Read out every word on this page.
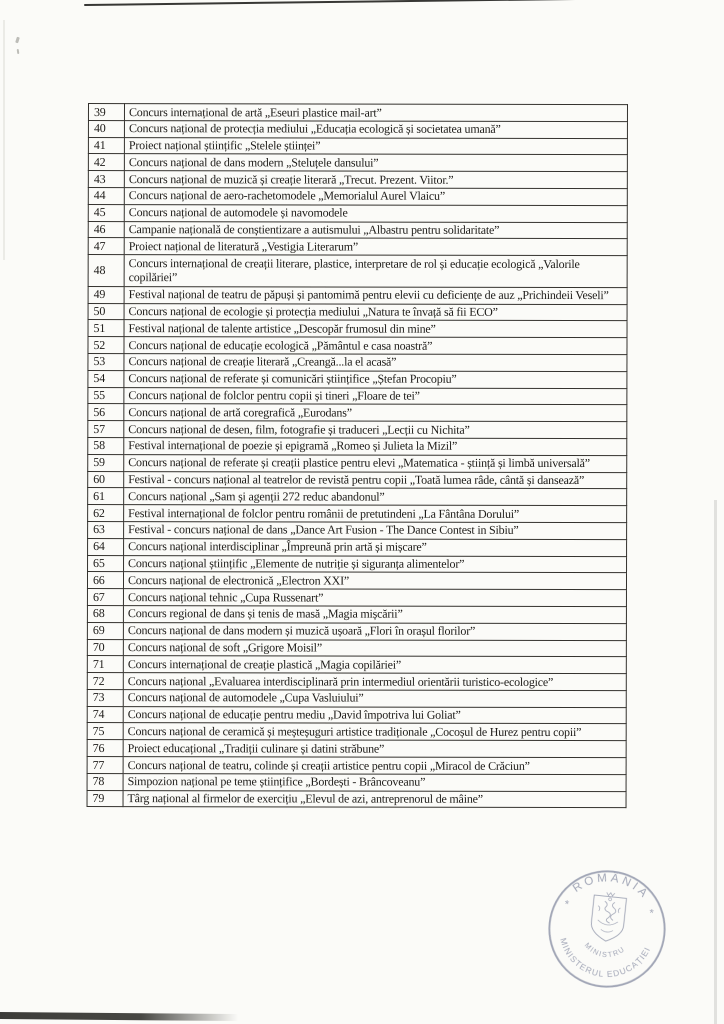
39	Concurs internațional de artă „Eseuri plastice mail-art”
40	Concurs național de protecția mediului „Educația ecologică și societatea umană”
41	Proiect național științific „Stelele științei”
42	Concurs național de dans modern „Steluțele dansului”
43	Concurs național de muzică și creație literară „Trecut. Prezent. Viitor.”
44	Concurs național de aero-rachetomodele „Memorialul Aurel Vlaicu”
45	Concurs național de automodele și navomodele
46	Campanie națională de conștientizare a autismului „Albastru pentru solidaritate”
47	Proiect național de literatură „Vestigia Literarum”
48	Concurs internațional de creații literare, plastice, interpretare de rol și educație ecologică „Valorile copilăriei”
49	Festival național de teatru de păpuși și pantomimă pentru elevii cu deficiențe de auz „Prichindeii Veseli”
50	Concurs național de ecologie și protecția mediului „Natura te învață să fii ECO”
51	Festival național de talente artistice „Descopăr frumosul din mine”
52	Concurs național de educație ecologică „Pământul e casa noastră”
53	Concurs național de creație literară „Creangă...la el acasă”
54	Concurs național de referate și comunicări științifice „Ștefan Procopiu”
55	Concurs național de folclor pentru copii și tineri „Floare de tei”
56	Concurs național de artă coregrafică „Eurodans”
57	Concurs național de desen, film, fotografie și traduceri „Lecții cu Nichita”
58	Festival internațional de poezie și epigramă „Romeo și Julieta la Mizil”
59	Concurs național de referate și creații plastice pentru elevi „Matematica - știință și limbă universală”
60	Festival - concurs național al teatrelor de revistă pentru copii „Toată lumea râde, cântă și dansează”
61	Concurs național „Sam și agenții 272 reduc abandonul”
62	Festival internațional de folclor pentru românii de pretutindeni „La Fântâna Dorului”
63	Festival - concurs național de dans „Dance Art Fusion - The Dance Contest in Sibiu”
64	Concurs național interdisciplinar „Împreună prin artă și mișcare”
65	Concurs național științific „Elemente de nutriție și siguranța alimentelor”
66	Concurs național de electronică „Electron XXI”
67	Concurs național tehnic „Cupa Russenart”
68	Concurs regional de dans și tenis de masă „Magia mișcării”
69	Concurs național de dans modern și muzică ușoară „Flori în orașul florilor”
70	Concurs național de soft „Grigore Moisil”
71	Concurs internațional de creație plastică „Magia copilăriei”
72	Concurs național „Evaluarea interdisciplinară prin intermediul orientării turistico-ecologice”
73	Concurs național de automodele „Cupa Vasluiului”
74	Concurs național de educație pentru mediu „David împotriva lui Goliat”
75	Concurs național de ceramică și meșteșuguri artistice tradiționale „Cocoșul de Hurez pentru copii”
76	Proiect educațional „Tradiții culinare și datini străbune”
77	Concurs național de teatru, colinde și creații artistice pentru copii „Miracol de Crăciun”
78	Simpozion național pe teme științifice „Bordești - Brâncoveanu”
79	Târg național al firmelor de exercițiu „Elevul de azi, antreprenorul de mâine”
ROMÂNIA
*
*
MINISTERUL EDUCAȚIEI
MINISTRU
